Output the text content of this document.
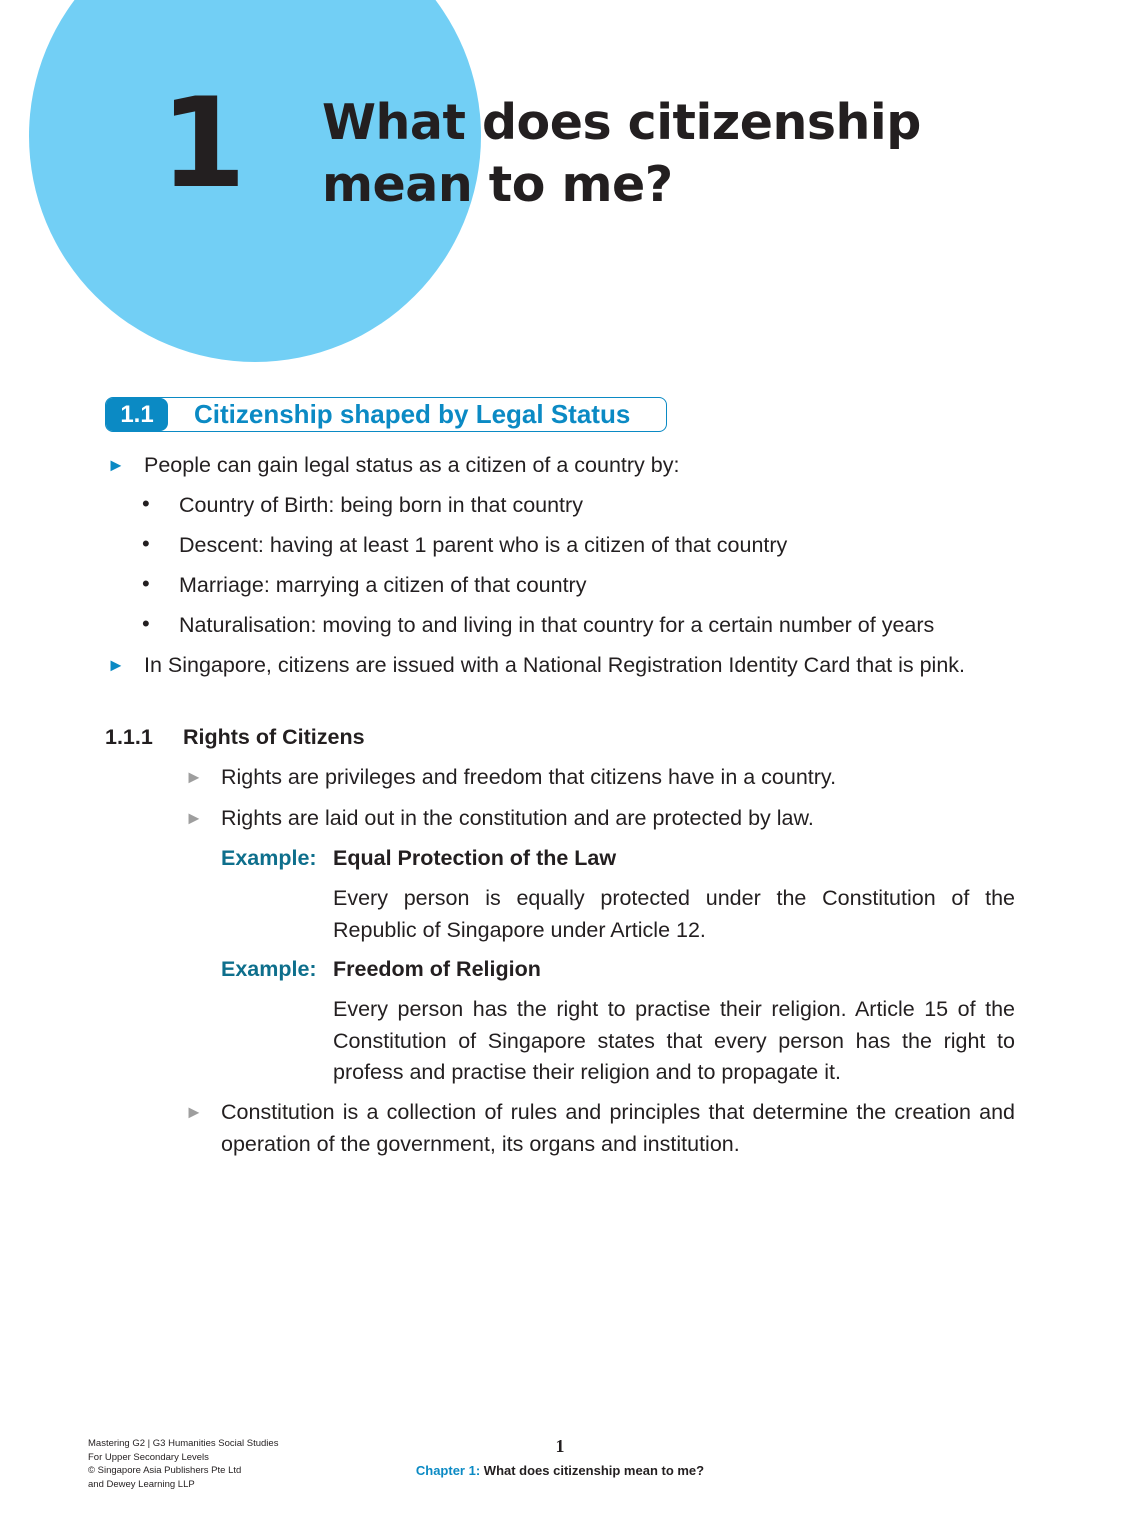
1 What does citizenship
mean to me?
1.1	Citizenship shaped by Legal Status
► People can gain legal status as a citizen of a country by:
• Country of Birth: being born in that country
• Descent: having at least 1 parent who is a citizen of that country
• Marriage: marrying a citizen of that country
• Naturalisation: moving to and living in that country for a certain number of years
► In Singapore, citizens are issued with a National Registration Identity Card that is pink.
1.1.1 Rights of Citizens
► Rights are privileges and freedom that citizens have in a country.
► Rights are laid out in the constitution and are protected by law.
Example: Equal Protection of the Law
Every person is equally protected under the Constitution of the Republic of Singapore under Article 12.
Example: Freedom of Religion
Every person has the right to practise their religion. Article 15 of the Constitution of Singapore states that every person has the right to profess and practise their religion and to propagate it.
► Constitution is a collection of rules and principles that determine the creation and operation of the government, its organs and institution.
Mastering G2 | G3 Humanities Social Studies
For Upper Secondary Levels
© Singapore Asia Publishers Pte Ltd
and Dewey Learning LLP
1
Chapter 1: What does citizenship mean to me?
